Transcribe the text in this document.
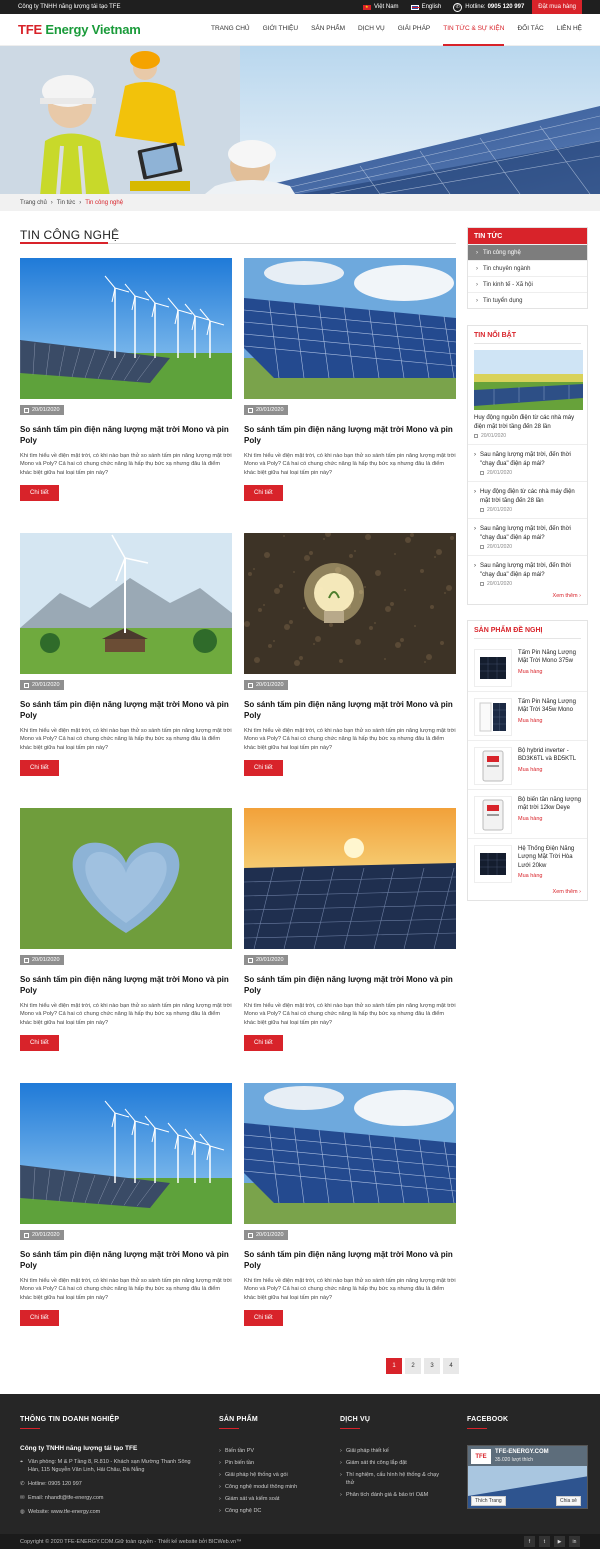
Công ty TNHH năng lượng tái tạo TFE ★	Việt Nam	English	✆ Hotline: 0905 120 997	Đặt mua hàng
TFE Energy Vietnam	TRANG CHỦ GIỚI THIỆU SẢN PHẨM DỊCH VỤ GIẢI PHÁP TIN TỨC & SỰ KIỆN ĐỐI TÁC LIÊN HỆ
Trang chủ › Tin tức › Tin công nghệ
TIN CÔNG NGHỆ
20/01/2020
So sánh tấm pin điện năng lượng mặt trời Mono và pin Poly

Khi tìm hiểu về điện mặt trời, có khi nào bạn thử so sánh tấm pin năng lượng mặt trời Mono và Poly? Cả hai có chung chức năng là hấp thụ bức xạ nhưng đâu là điểm khác biệt giữa hai loại tấm pin này?

Chi tiết
20/01/2020
So sánh tấm pin điện năng lượng mặt trời Mono và pin Poly

Khi tìm hiểu về điện mặt trời, có khi nào bạn thử so sánh tấm pin năng lượng mặt trời Mono và Poly? Cả hai có chung chức năng là hấp thụ bức xạ nhưng đâu là điểm khác biệt giữa hai loại tấm pin này?

Chi tiết
20/01/2020
So sánh tấm pin điện năng lượng mặt trời Mono và pin Poly

Khi tìm hiểu về điện mặt trời, có khi nào bạn thử so sánh tấm pin năng lượng mặt trời Mono và Poly? Cả hai có chung chức năng là hấp thụ bức xạ nhưng đâu là điểm khác biệt giữa hai loại tấm pin này?

Chi tiết
20/01/2020
So sánh tấm pin điện năng lượng mặt trời Mono và pin Poly

Khi tìm hiểu về điện mặt trời, có khi nào bạn thử so sánh tấm pin năng lượng mặt trời Mono và Poly? Cả hai có chung chức năng là hấp thụ bức xạ nhưng đâu là điểm khác biệt giữa hai loại tấm pin này?

Chi tiết
20/01/2020
So sánh tấm pin điện năng lượng mặt trời Mono và pin Poly

Khi tìm hiểu về điện mặt trời, có khi nào bạn thử so sánh tấm pin năng lượng mặt trời Mono và Poly? Cả hai có chung chức năng là hấp thụ bức xạ nhưng đâu là điểm khác biệt giữa hai loại tấm pin này?

Chi tiết
20/01/2020
So sánh tấm pin điện năng lượng mặt trời Mono và pin Poly

Khi tìm hiểu về điện mặt trời, có khi nào bạn thử so sánh tấm pin năng lượng mặt trời Mono và Poly? Cả hai có chung chức năng là hấp thụ bức xạ nhưng đâu là điểm khác biệt giữa hai loại tấm pin này?

Chi tiết
20/01/2020
So sánh tấm pin điện năng lượng mặt trời Mono và pin Poly

Khi tìm hiểu về điện mặt trời, có khi nào bạn thử so sánh tấm pin năng lượng mặt trời Mono và Poly? Cả hai có chung chức năng là hấp thụ bức xạ nhưng đâu là điểm khác biệt giữa hai loại tấm pin này?

Chi tiết
20/01/2020
So sánh tấm pin điện năng lượng mặt trời Mono và pin Poly

Khi tìm hiểu về điện mặt trời, có khi nào bạn thử so sánh tấm pin năng lượng mặt trời Mono và Poly? Cả hai có chung chức năng là hấp thụ bức xạ nhưng đâu là điểm khác biệt giữa hai loại tấm pin này?

Chi tiết
1	2	3	4
TIN TỨC
› Tin công nghệ
› Tin chuyên ngành
› Tin kinh tế - Xã hội
› Tin tuyển dụng
TIN NỔI BẬT
Huy động nguồn điện từ các nhà máy điện mặt trời tầng đến 28 lần
20/01/2020
› Sau năng lượng mặt trời, đến thời "chạy đua" điện áp mái?
20/01/2020
› Huy động điện từ các nhà máy điện mặt trời tăng đến 28 lần
20/01/2020
› Sau năng lượng mặt trời, đến thời "chạy đua" điện áp mái?
20/01/2020
› Sau năng lượng mặt trời, đến thời "chạy đua" điện áp mái?
20/01/2020
Xem thêm ›
SẢN PHẨM ĐỀ NGHỊ
Tấm Pin Năng Lượng Mặt Trời Mono 375w
Mua hàng
Tấm Pin Năng Lượng Mặt Trời 345w Mono
Mua hàng
Bộ hybrid inverter - BD3K6TL và BD5KTL
Mua hàng
Bộ biến tần năng lượng mặt trời 12kw Deye
Mua hàng
Hệ Thống Điện Năng Lượng Mặt Trời Hòa Lưới 20kw
Mua hàng
Xem thêm ›
THÔNG TIN DOANH NGHIỆP
Công ty TNHH năng lượng tái tạo TFE
⌖ Văn phòng: M & P Tầng 8, R.810 - Khách sạn Mường Thanh Sông Hàn, 115 Nguyễn Văn Linh, Hải Châu, Đà Nẵng
✆ Hotline: 0905 120 997
✉ Email: nhandt@tfe-energy.com
◍ Website: www.tfe-energy.com
SẢN PHẨM
› Biến tần PV
› Pin biến tần
› Giải pháp hệ thống và gói
› Công nghệ modul thông minh
› Giám sát và kiểm soát
› Công nghệ DC
DỊCH VỤ
› Giải pháp thiết kế
› Giám sát thi công lắp đặt
› Thí nghiệm, cấu hình hệ thống & chạy thử
› Phân tích đánh giá & bảo trì O&M
FACEBOOK
TFE
TFE-ENERGY.COM
35.020 lượt thích
Thích Trang	Chia sẻ
Copyright © 2020 TFE-ENERGY.COM.Giữ toàn quyền - Thiết kế website bởi BICWeb.vn™	f	t	▶	in
